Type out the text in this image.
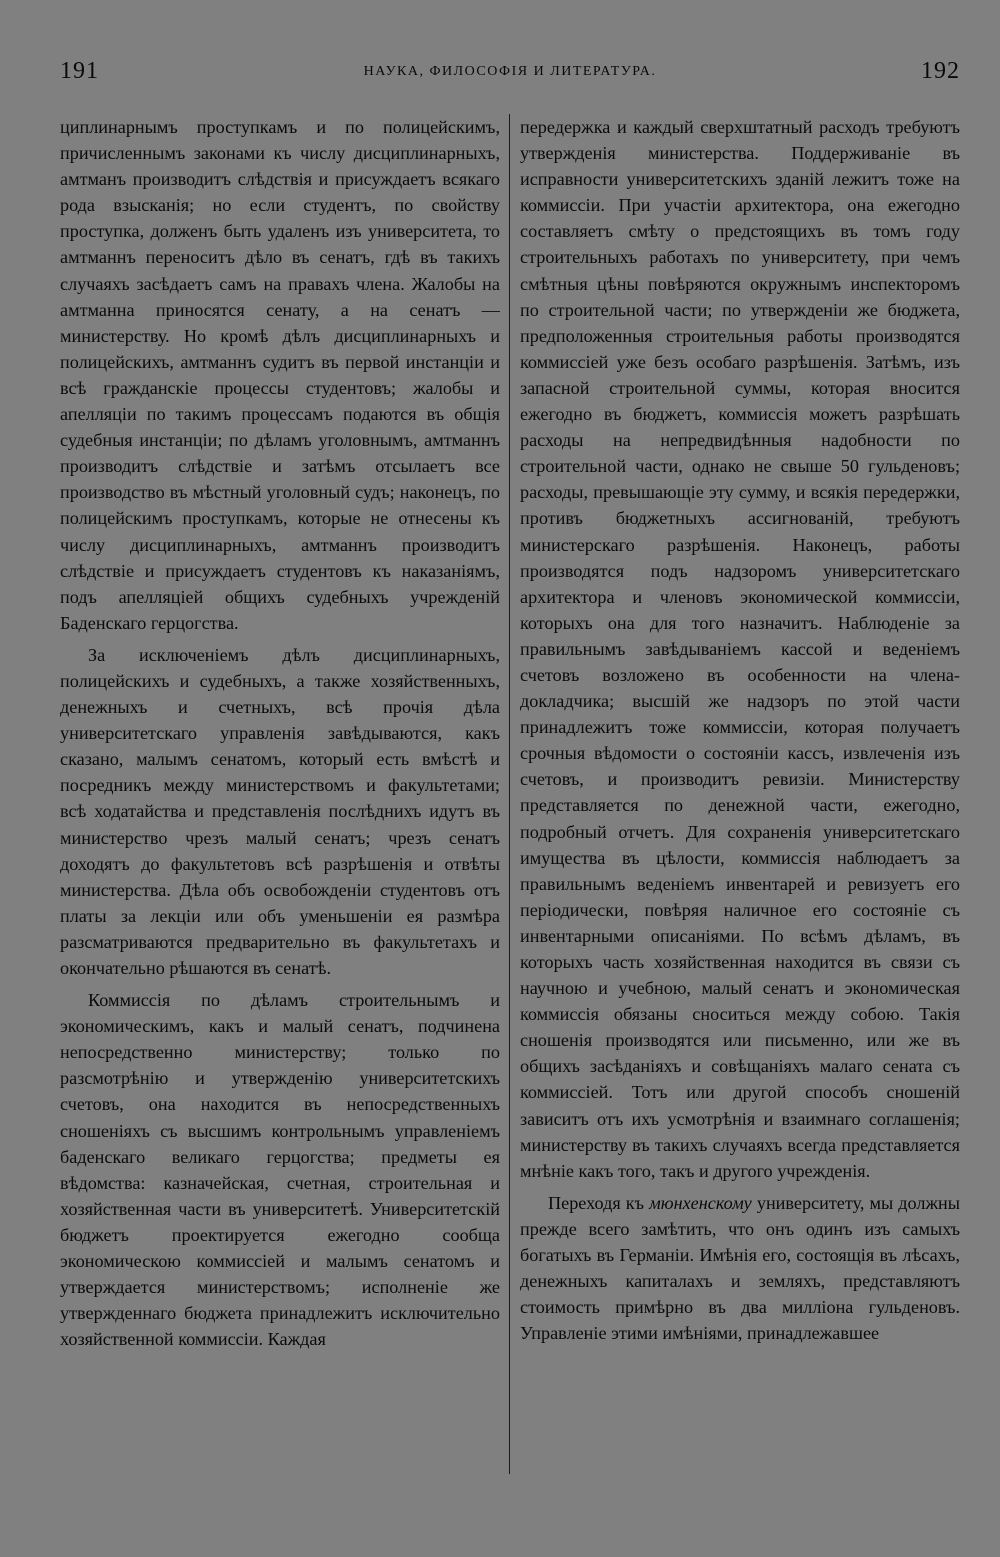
191	НАУКА, ФИЛОСОФІЯ И ЛИТЕРАТУРА.	192

циплинарнымъ проступкамъ и по полицейскимъ, причисленнымъ законами къ числу дисциплинарныхъ, амтманъ производитъ слѣдствія и присуждаетъ всякаго рода взысканія; но если студентъ, по свойству проступка, долженъ быть удаленъ изъ университета, то амтманнъ переноситъ дѣло въ сенатъ, гдѣ въ такихъ случаяхъ засѣдаетъ самъ на правахъ члена. Жалобы на амтманна приносятся сенату, а на сенатъ — министерству. Но кромѣ дѣлъ дисциплинарныхъ и полицейскихъ, амтманнъ судитъ въ первой инстанціи и всѣ гражданскіе процессы студентовъ; жалобы и апелляціи по такимъ процессамъ подаются въ общія судебныя инстанціи; по дѣламъ уголовнымъ, амтманнъ производитъ слѣдствіе и затѣмъ отсылаетъ все производство въ мѣстный уголовный судъ; наконецъ, по полицейскимъ проступкамъ, которые не отнесены къ числу дисциплинарныхъ, амтманнъ производитъ слѣдствіе и присуждаетъ студентовъ къ наказаніямъ, подъ апелляціей общихъ судебныхъ учрежденій Баденскаго герцогства.

За исключеніемъ дѣлъ дисциплинарныхъ, полицейскихъ и судебныхъ, а также хозяйственныхъ, денежныхъ и счетныхъ, всѣ прочія дѣла университетскаго управленія завѣдываются, какъ сказано, малымъ сенатомъ, который есть вмѣстѣ и посредникъ между министерствомъ и факультетами; всѣ ходатайства и представленія послѣднихъ идутъ въ министерство чрезъ малый сенатъ; чрезъ сенатъ доходятъ до факультетовъ всѣ разрѣшенія и отвѣты министерства. Дѣла объ освобожденіи студентовъ отъ платы за лекціи или объ уменьшеніи ея размѣра разсматриваются предварительно въ факультетахъ и окончательно рѣшаются въ сенатѣ.

Коммиссія по дѣламъ строительнымъ и экономическимъ, какъ и малый сенатъ, подчинена непосредственно министерству; только по разсмотрѣнію и утвержденію университетскихъ счетовъ, она находится въ непосредственныхъ сношеніяхъ съ высшимъ контрольнымъ управленіемъ баденскаго великаго герцогства; предметы ея вѣдомства: казначейская, счетная, строительная и хозяйственная части въ университетѣ. Университетскій бюджетъ проектируется ежегодно сообща экономическою коммиссіей и малымъ сенатомъ и утверждается министерствомъ; исполненіе же утвержденнаго бюджета принадлежитъ исключительно хозяйственной коммиссіи. Каждая

передержка и каждый сверхштатный расходъ требуютъ утвержденія министерства. Поддерживаніе въ исправности университетскихъ зданій лежитъ тоже на коммиссіи. При участіи архитектора, она ежегодно составляетъ смѣту о предстоящихъ въ томъ году строительныхъ работахъ по университету, при чемъ смѣтныя цѣны повѣряются окружнымъ инспекторомъ по строительной части; по утвержденіи же бюджета, предположенныя строительныя работы производятся коммиссіей уже безъ особаго разрѣшенія. Затѣмъ, изъ запасной строительной суммы, которая вносится ежегодно въ бюджетъ, коммиссія можетъ разрѣшать расходы на непредвидѣнныя надобности по строительной части, однако не свыше 50 гульденовъ; расходы, превышающіе эту сумму, и всякія передержки, противъ бюджетныхъ ассигнованій, требуютъ министерскаго разрѣшенія. Наконецъ, работы производятся подъ надзоромъ университетскаго архитектора и членовъ экономической коммиссіи, которыхъ она для того назначитъ. Наблюденіе за правильнымъ завѣдываніемъ кассой и веденіемъ счетовъ возложено въ особенности на члена-докладчика; высшій же надзоръ по этой части принадлежитъ тоже коммиссіи, которая получаетъ срочныя вѣдомости о состояніи кассъ, извлеченія изъ счетовъ, и производитъ ревизіи. Министерству представляется по денежной части, ежегодно, подробный отчетъ. Для сохраненія университетскаго имущества въ цѣлости, коммиссія наблюдаетъ за правильнымъ веденіемъ инвентарей и ревизуетъ его періодически, повѣряя наличное его состояніе съ инвентарными описаніями. По всѣмъ дѣламъ, въ которыхъ часть хозяйственная находится въ связи съ научною и учебною, малый сенатъ и экономическая коммиссія обязаны сноситься между собою. Такія сношенія производятся или письменно, или же въ общихъ засѣданіяхъ и совѣщаніяхъ малаго сената съ коммиссіей. Тотъ или другой способъ сношеній зависитъ отъ ихъ усмотрѣнія и взаимнаго соглашенія; министерству въ такихъ случаяхъ всегда представляется мнѣніе какъ того, такъ и другого учрежденія.

Переходя къ мюнхенскому университету, мы должны прежде всего замѣтить, что онъ одинъ изъ самыхъ богатыхъ въ Германіи. Имѣнія его, состоящія въ лѣсахъ, денежныхъ капиталахъ и земляхъ, представляютъ стоимость примѣрно въ два милліона гульденовъ. Управленіе этими имѣніями, принадлежавшее
